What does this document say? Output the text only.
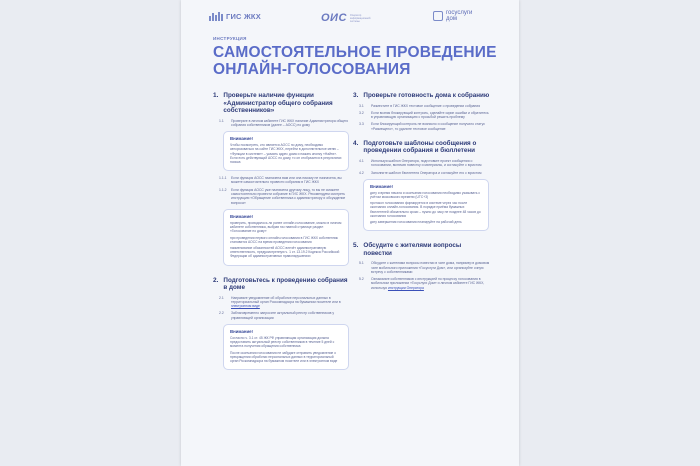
ГИС ЖКХ	ОИС Оператор информационной системы
госуслуги
дом
ИНСТРУКЦИЯ
САМОСТОЯТЕЛЬНОЕ ПРОВЕДЕНИЕ ОНЛАЙН-ГОЛОСОВАНИЯ
1. Проверьте наличие функции «Администратор общего собрания собственников»
1.1	Проверьте в личном кабинете ГИС ЖКХ наличие Администратора общего собрания собственников (далее – АОСС) по дому
Внимание!

Чтобы посмотреть, кто является АОСС по дому, необходимо авторизоваться на сайте ГИС ЖКХ, перейти в дополнительное меню – «Функции в системе» – указать адрес дома и нажать кнопку «Найти». Если есть действующий АОСС по дому, то он отобразится в результатах поиска

1.1.1	Если функция АОСС назначена вам или она никому не назначена, вы можете самостоятельно провести собрания в ГИС ЖКХ
1.1.2	Если функция АОСС уже назначена другому лицу, то вы не сможете самостоятельно провести собрание в ГИС ЖКХ. Рекомендуем смотреть инструкцию «Обращение собственника к администратору и обсуждение вопроса»
Внимание!

проверить, проводилось ли ранее онлайн-голосование, можно в личном кабинете собственника, выбрав на главной странице раздел «Голосование по дому»

при проведении первого онлайн-голосования в ГИС ЖКХ собственник становится АОСС на время проведения голосования

наименование обязанностей АОСС влечёт административную ответственность, предусмотренную ч. 1 ст. 13.19.2 Кодекса Российской Федерации об административных правонарушениях

2. Подготовьтесь к проведению собрания в доме
2.1	Направьте уведомление об обработке персональных данных в территориальный орган Роскомнадзора на бумажном носителе или в электронном виде
2.2	Заблаговременно запросите актуальный реестр собственников у управляющей организации
Внимание!

Согласно ч. 3.1 ст. 45 ЖК РФ управляющая организация должна предоставить актуальный реестр собственников в течение 5 дней с момента получения обращения собственника

После окончания голосования не забудьте отправить уведомление о прекращении обработки персональных данных в территориальный орган Роскомнадзора на бумажном носителе или в электронном виде

3. Проверьте готовность дома к собранию
3.1	Разместите в ГИС ЖКХ тестовое сообщение о проведении собрания
3.2	Если возник блокирующий контроль, сделайте скрин ошибки и обратитесь в управляющую организацию с просьбой решить проблему
3.3	Если блокирующий контроль не возникло и сообщение получило статус «Размещено», то удалите тестовое сообщение
4. Подготовьте шаблоны сообщения о проведении собрания и бюллетени
4.1	Используя шаблон Оператора, подготовьте проект сообщения о голосовании, включив повестку и материалы, и согласуйте с юристом
4.2	Заполните шаблон бюллетеня Оператора и согласуйте его с юристом
Внимание!

дату и время начала и окончания голосования необходимо указывать с учётом московского времени (UTC+3)

протокол голосования формируется в системе через час после окончания онлайн-голосования. В порядке приёма бумажных бюллетеней обязательно сроки – нужно до часу не позднее 48 часов до окончания голосования

дату завершения голосования планируйте на рабочий день

5. Обсудите с жителями вопросы повестки
5.1	Обсудите с жителями вопросы повестки в чате дома, например в домовом чате мобильного приложения «Госуслуги Дом», или организуйте очную встречу с собственниками
5.2	Ознакомьте собственников с инструкцией по процессу голосования в мобильном приложении «Госуслуги Дом» и личном кабинете ГИС ЖКХ, используя инструкции Оператора
